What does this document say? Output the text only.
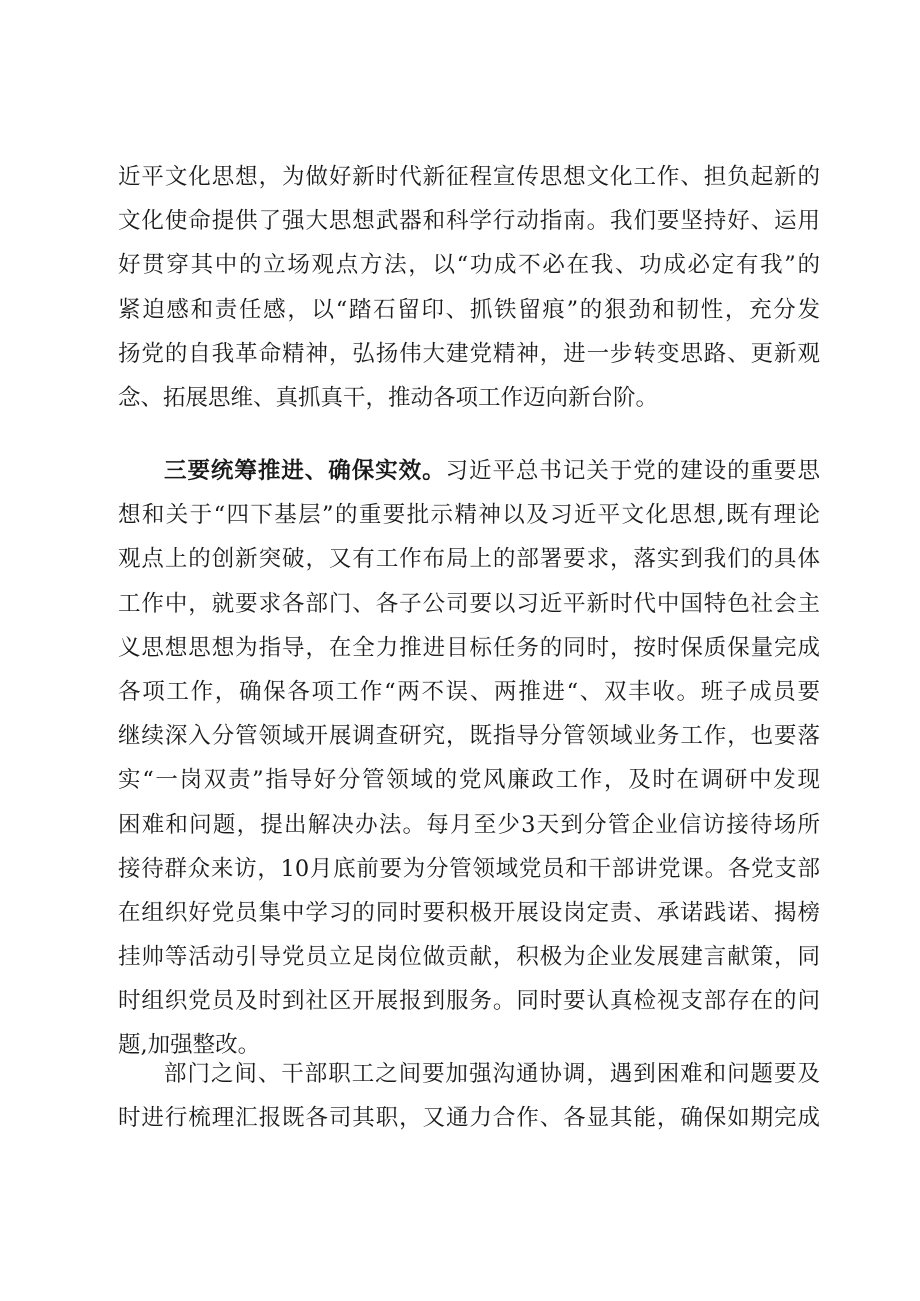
近平文化思想，为做好新时代新征程宣传思想文化工作、担负起新的
文化使命提供了强大思想武器和科学行动指南。我们要坚持好、运用
好贯穿其中的立场观点方法，以“功成不必在我、功成必定有我”的
紧迫感和责任感，以“踏石留印、抓铁留痕”的狠劲和韧性，充分发
扬党的自我革命精神，弘扬伟大建党精神，进一步转变思路、更新观
念、拓展思维、真抓真干，推动各项工作迈向新台阶。
三要统筹推进、确保实效。习近平总书记关于党的建设的重要思
想和关于“四下基层”的重要批示精神以及习近平文化思想,既有理论
观点上的创新突破，又有工作布局上的部署要求，落实到我们的具体
工作中，就要求各部门、各子公司要以习近平新时代中国特色社会主
义思想思想为指导，在全力推进目标任务的同时，按时保质保量完成
各项工作，确保各项工作“两不误、两推进“、双丰收。班子成员要
继续深入分管领域开展调查研究，既指导分管领域业务工作，也要落
实“一岗双责”指导好分管领域的党风廉政工作，及时在调研中发现
困难和问题，提出解决办法。每月至少3天到分管企业信访接待场所
接待群众来访，10月底前要为分管领域党员和干部讲党课。各党支部
在组织好党员集中学习的同时要积极开展设岗定责、承诺践诺、揭榜
挂帅等活动引导党员立足岗位做贡献，积极为企业发展建言献策，同
时组织党员及时到社区开展报到服务。同时要认真检视支部存在的问
题,加强整改。
部门之间、干部职工之间要加强沟通协调，遇到困难和问题要及
时进行梳理汇报既各司其职，又通力合作、各显其能，确保如期完成
